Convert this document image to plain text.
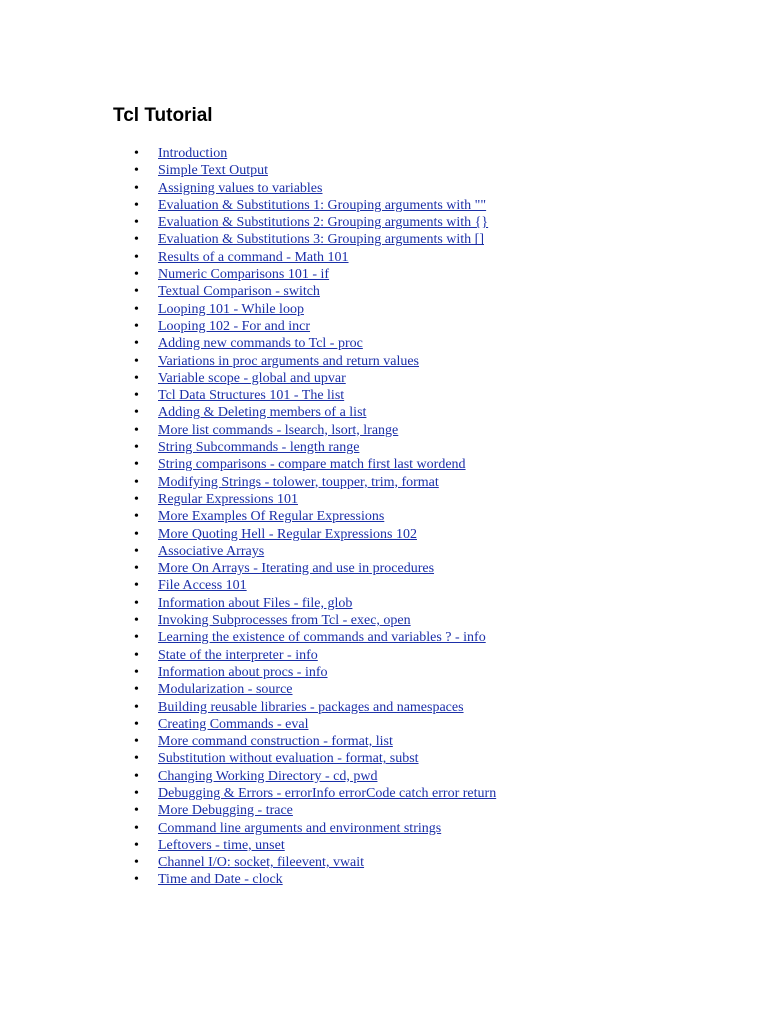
Tcl Tutorial
• Introduction
• Simple Text Output
• Assigning values to variables
• Evaluation & Substitutions 1: Grouping arguments with ""
• Evaluation & Substitutions 2: Grouping arguments with {}
• Evaluation & Substitutions 3: Grouping arguments with []
• Results of a command - Math 101
• Numeric Comparisons 101 - if
• Textual Comparison - switch
• Looping 101 - While loop
• Looping 102 - For and incr
• Adding new commands to Tcl - proc
• Variations in proc arguments and return values
• Variable scope - global and upvar
• Tcl Data Structures 101 - The list
• Adding & Deleting members of a list
• More list commands - lsearch, lsort, lrange
• String Subcommands - length range
• String comparisons - compare match first last wordend
• Modifying Strings - tolower, toupper, trim, format
• Regular Expressions 101
• More Examples Of Regular Expressions
• More Quoting Hell - Regular Expressions 102
• Associative Arrays
• More On Arrays - Iterating and use in procedures
• File Access 101
• Information about Files - file, glob
• Invoking Subprocesses from Tcl - exec, open
• Learning the existence of commands and variables ? - info
• State of the interpreter - info
• Information about procs - info
• Modularization - source
• Building reusable libraries - packages and namespaces
• Creating Commands - eval
• More command construction - format, list
• Substitution without evaluation - format, subst
• Changing Working Directory - cd, pwd
• Debugging & Errors - errorInfo errorCode catch error return
• More Debugging - trace
• Command line arguments and environment strings
• Leftovers - time, unset
• Channel I/O: socket, fileevent, vwait
• Time and Date - clock
